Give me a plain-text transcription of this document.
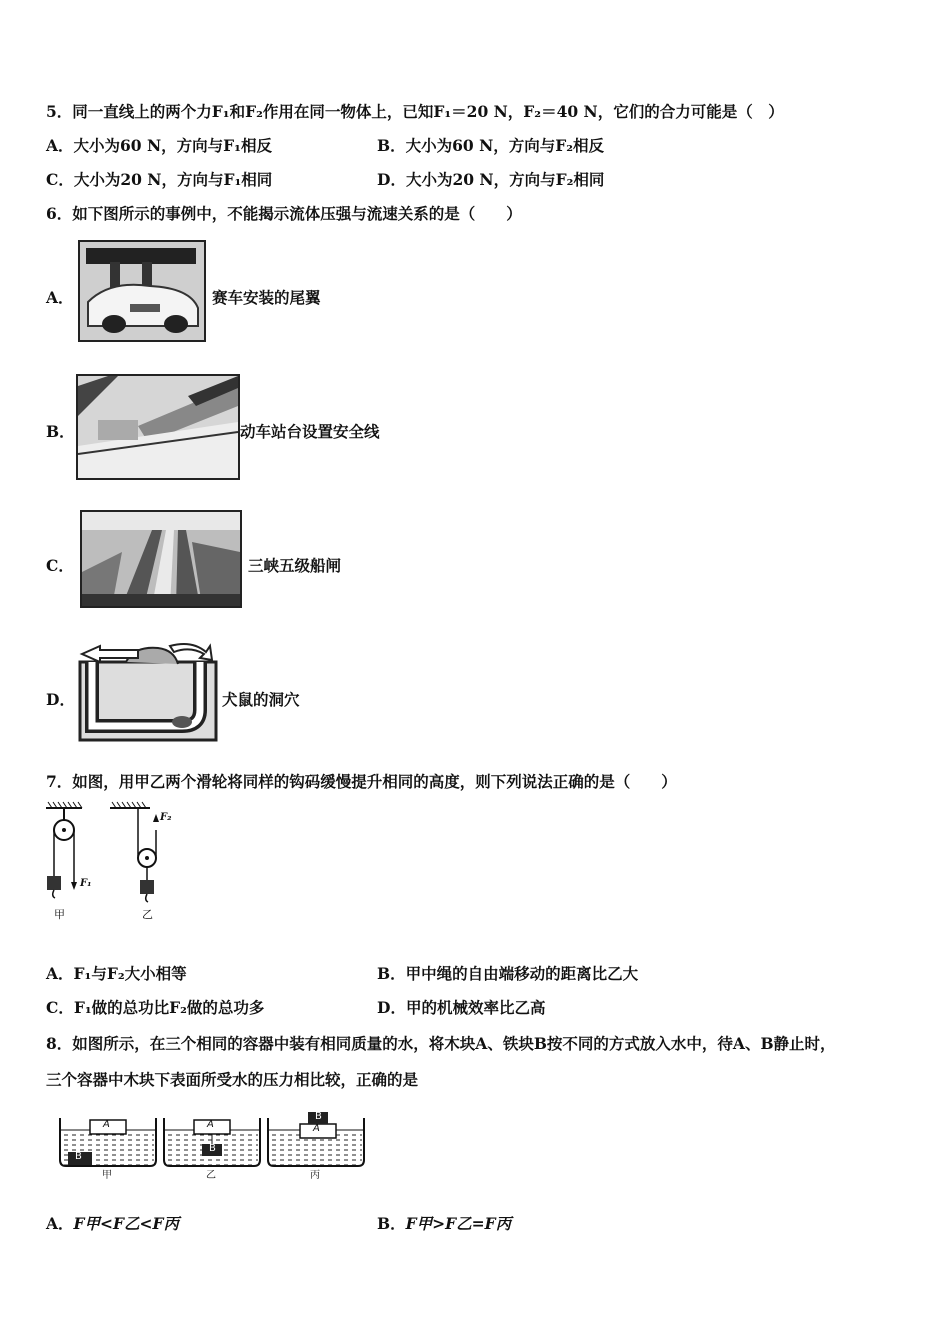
5．同一直线上的两个力F₁和F₂作用在同一物体上，已知F₁＝20 N，F₂＝40 N，它们的合力可能是（　）
A．大小为60 N，方向与F₁相反	B．大小为60 N，方向与F₂相反
C．大小为20 N，方向与F₁相同	D．大小为20 N，方向与F₂相同
6．如下图所示的事例中，不能揭示流体压强与流速关系的是（　　）
A．	赛车安装的尾翼
B．	动车站台设置安全线
C．	三峡五级船闸
D．	犬鼠的洞穴
7．如图，用甲乙两个滑轮将同样的钩码缓慢提升相同的高度，则下列说法正确的是（　　）
甲	乙
F₁
F₂
A．F₁与F₂大小相等	B．甲中绳的自由端移动的距离比乙大
C．F₁做的总功比F₂做的总功多	D．甲的机械效率比乙高
8．如图所示，在三个相同的容器中装有相同质量的水，将木块A、铁块B按不同的方式放入水中，待A、B静止时，
三个容器中木块下表面所受水的压力相比较，正确的是
A	A	A
B
B
B
甲	乙	丙
A．F甲<F乙<F丙	B．F甲>F乙=F丙
